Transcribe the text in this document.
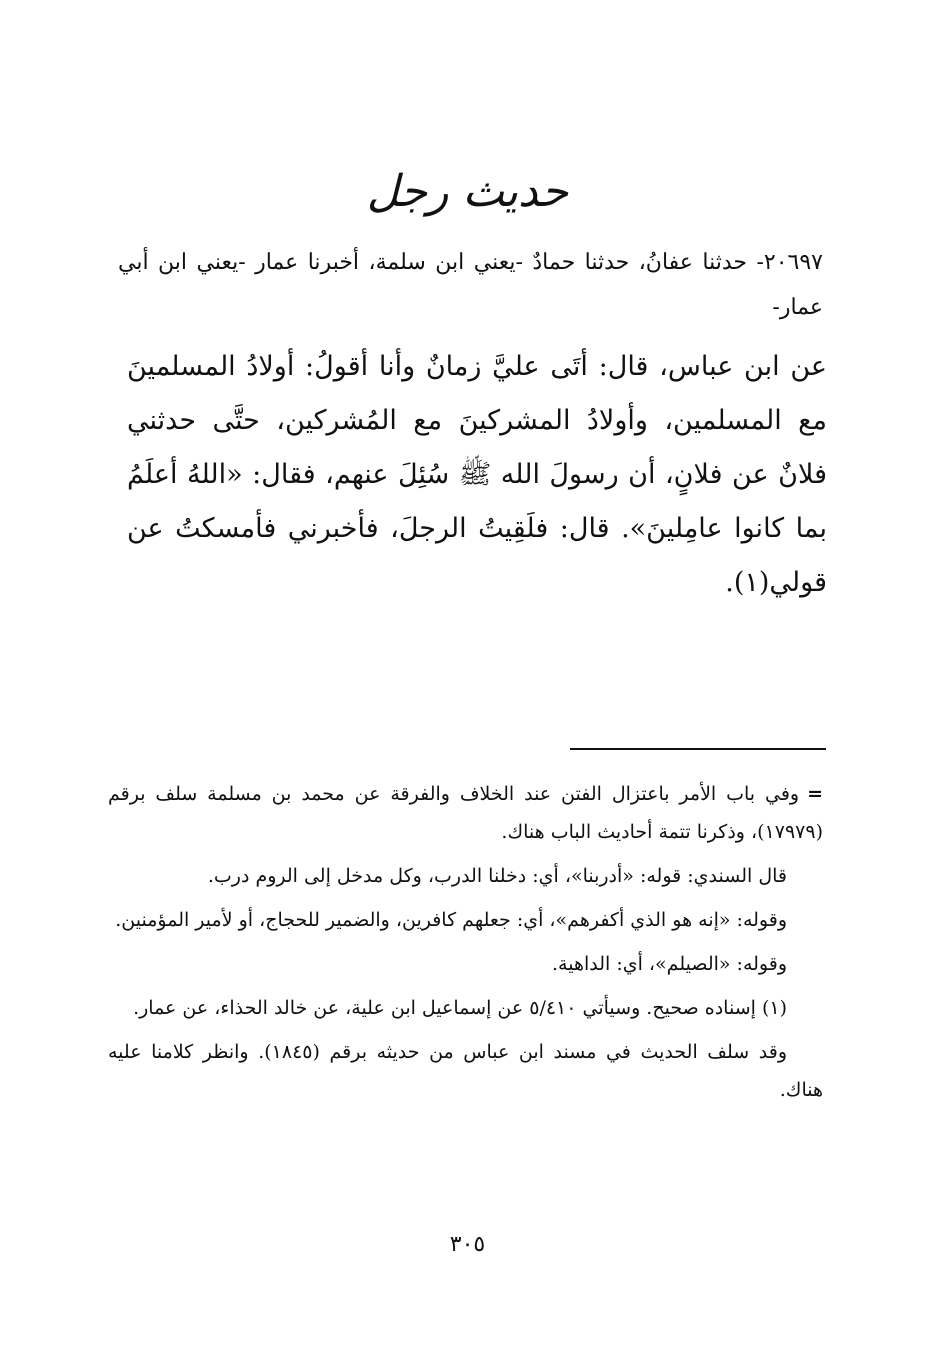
حديث رجل

٢٠٦٩٧- حدثنا عفانُ، حدثنا حمادٌ -يعني ابن سلمة، أخبرنا عمار -يعني ابن أبي عمار-

عن ابن عباس، قال: أتَى عليَّ زمانٌ وأنا أقولُ: أولادُ المسلمينَ مع المسلمين، وأولادُ المشركينَ مع المُشركين، حتَّى حدثني فلانٌ عن فلانٍ، أن رسولَ الله ﷺ سُئِلَ عنهم، فقال: «اللهُ أعلَمُ بما كانوا عامِلينَ». قال: فلَقِيتُ الرجلَ، فأخبرني فأمسكتُ عن قولي(١).

=وفي باب الأمر باعتزال الفتن عند الخلاف والفرقة عن محمد بن مسلمة سلف برقم (١٧٩٧٩)، وذكرنا تتمة أحاديث الباب هناك.

قال السندي: قوله: «أدربنا»، أي: دخلنا الدرب، وكل مدخل إلى الروم درب.

وقوله: «إنه هو الذي أكفرهم»، أي: جعلهم كافرين، والضمير للحجاج، أو لأمير المؤمنين.

وقوله: «الصيلم»، أي: الداهية.

(١) إسناده صحيح. وسيأتي ٥/٤١٠ عن إسماعيل ابن علية، عن خالد الحذاء، عن عمار.

وقد سلف الحديث في مسند ابن عباس من حديثه برقم (١٨٤٥). وانظر كلامنا عليه هناك.

٣٠٥
